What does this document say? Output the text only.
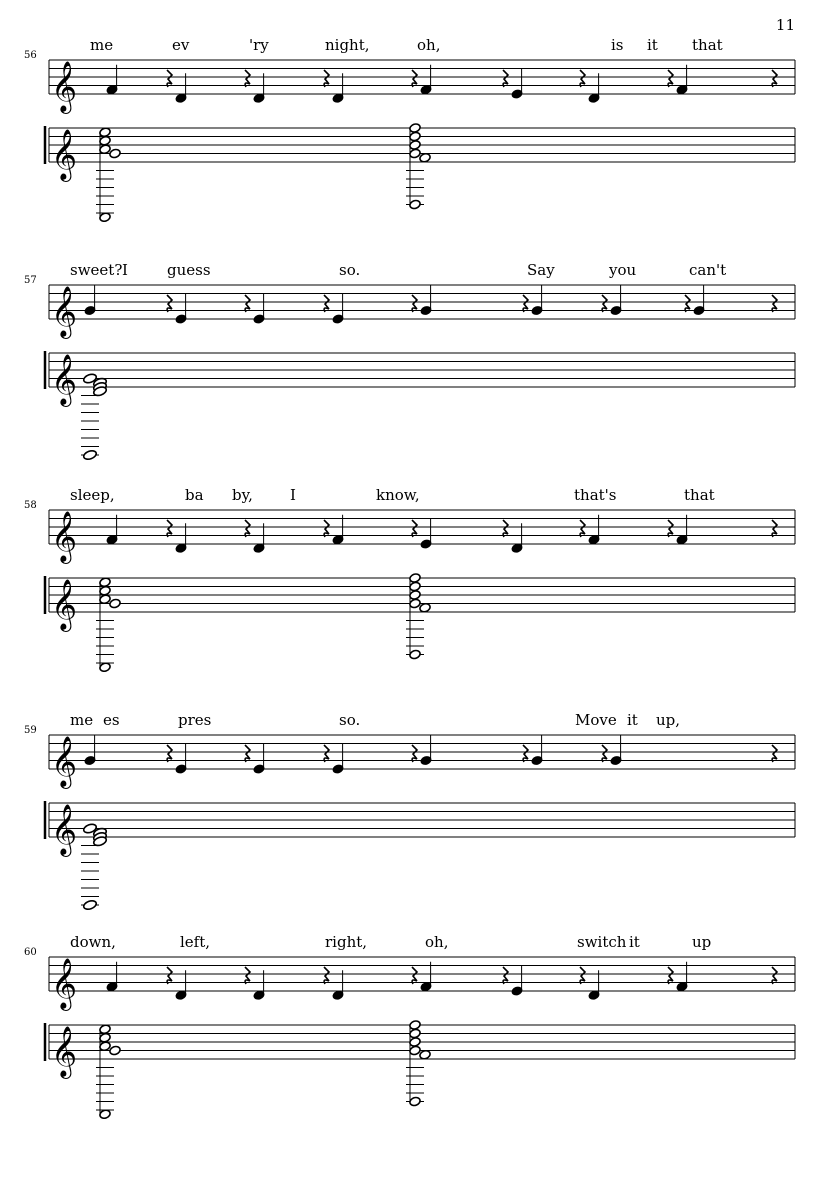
11
𝄞
𝄞
𝄞
𝄞
𝄞
𝄞
𝄞
𝄞
𝄞
𝄞
56
me	ev	'ry	night,	oh,	is it that
57
sweet? I	guess	so.	Say	you	can't
58
sleep,	ba by, I	know,	that's	that
59
me es	pres	so.	Move it up,
60
down,	left,	right,	oh,	switch it	up
